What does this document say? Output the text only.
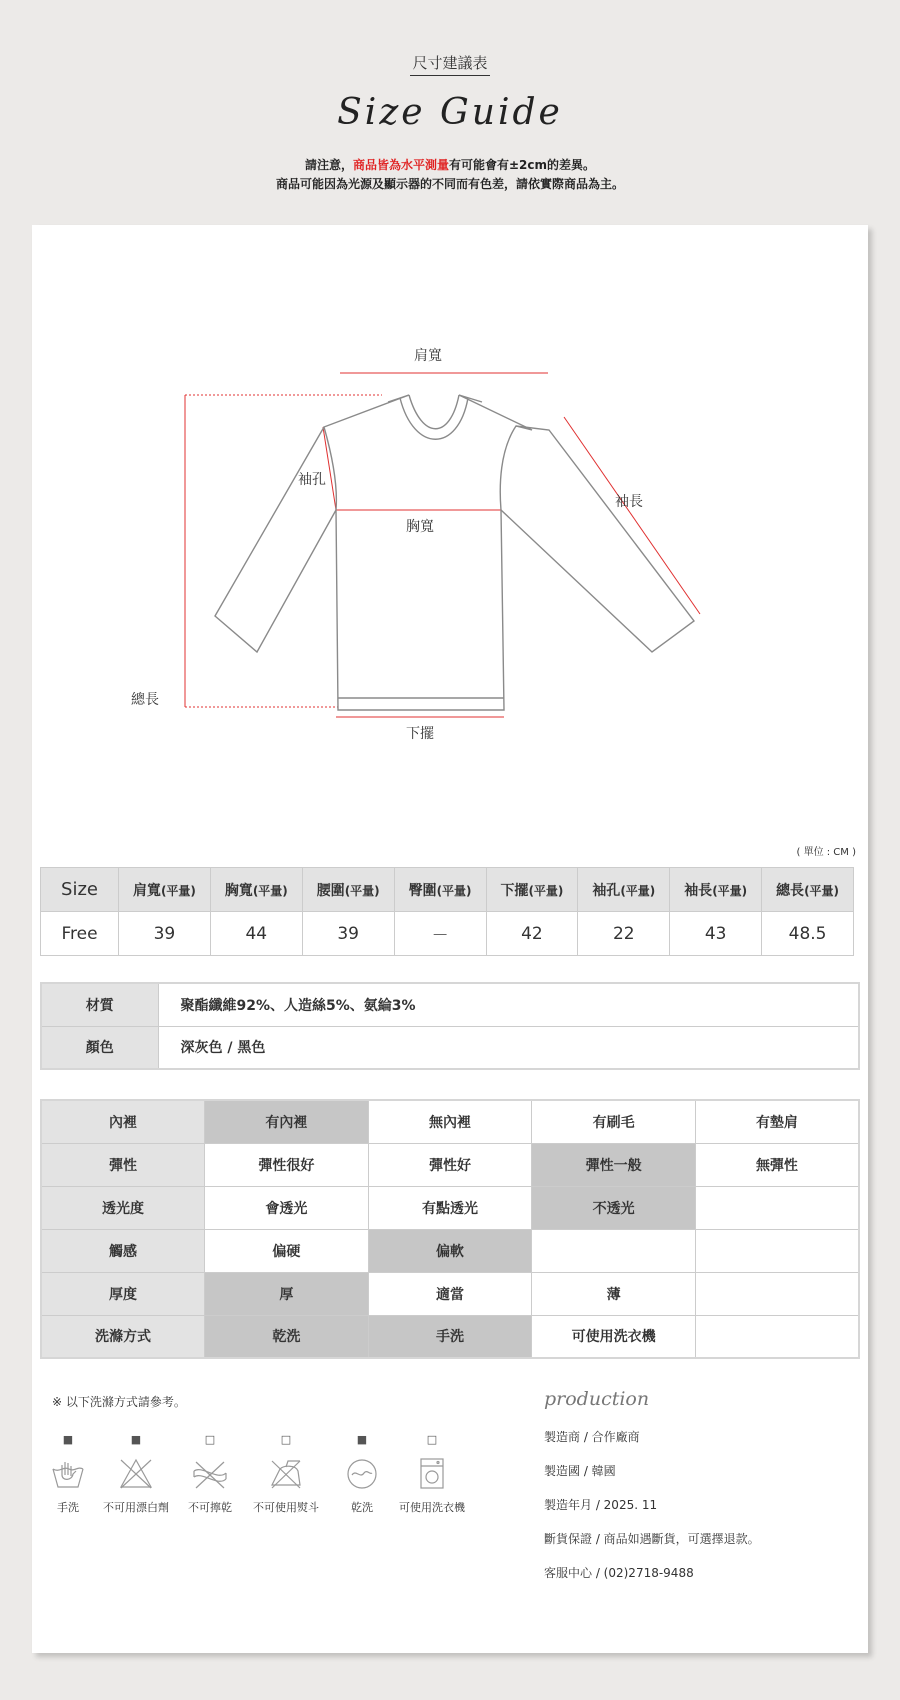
尺寸建議表
Size Guide
請注意，商品皆為水平測量有可能會有±2cm的差異。
商品可能因為光源及顯示器的不同而有色差，請依實際商品為主。
肩寬
袖孔
袖長
胸寬
總長
下擺
( 單位 : CM )
Size	肩寬(平量)	胸寬(平量)	腰圍(平量)	臀圍(平量)	下擺(平量)	袖孔(平量)	袖長(平量)	總長(平量)
Free	39	44	39	－	42	22	43	48.5
材質	聚酯纖維92%、人造絲5%、氨綸3%
顏色	深灰色 / 黑色
內裡	有內裡	無內裡	有刷毛	有墊肩
彈性	彈性很好	彈性好	彈性一般	無彈性
透光度	會透光	有點透光	不透光	
觸感	偏硬	偏軟		
厚度	厚	適當	薄	
洗滌方式	乾洗	手洗	可使用洗衣機	
※ 以下洗滌方式請參考。
■
手洗
■
不可用漂白劑
□
不可擰乾
□
不可使用熨斗
■
乾洗
□
可使用洗衣機
production
製造商 / 合作廠商
製造國 / 韓國
製造年月 / 2025. 11
斷貨保證 / 商品如遇斷貨，可選擇退款。
客服中心 / (02)2718-9488
